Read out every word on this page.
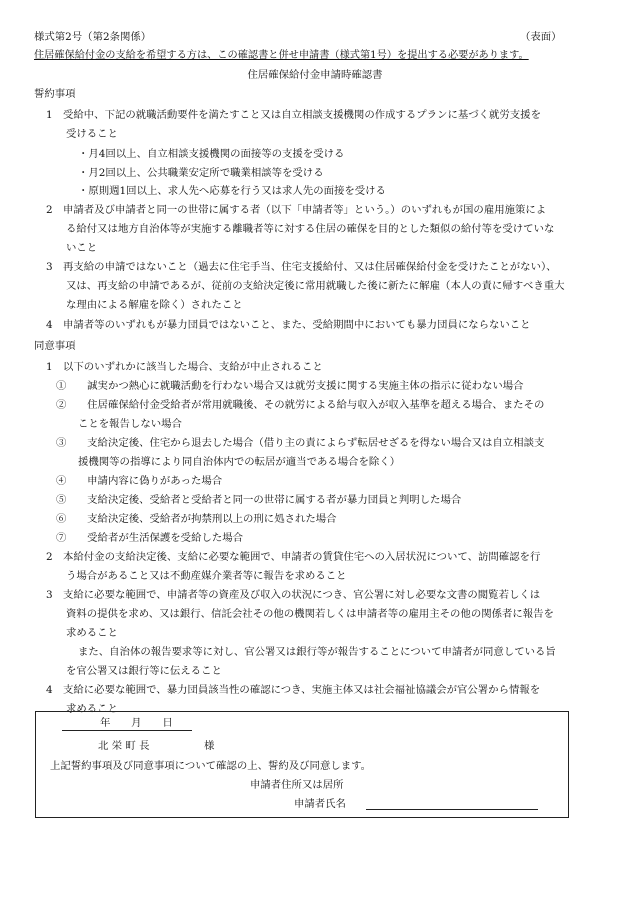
様式第2号（第2条関係）	（表面）
住居確保給付金の支給を希望する方は、この確認書と併せ申請書（様式第1号）を提出する必要があります。
住居確保給付金申請時確認書
誓約事項
1　受給中、下記の就職活動要件を満たすこと又は自立相談支援機関の作成するプランに基づく就労支援を
受けること
・月4回以上、自立相談支援機関の面接等の支援を受ける
・月2回以上、公共職業安定所で職業相談等を受ける
・原則週1回以上、求人先へ応募を行う又は求人先の面接を受ける
2　申請者及び申請者と同一の世帯に属する者（以下「申請者等」という。）のいずれもが国の雇用施策によ
る給付又は地方自治体等が実施する離職者等に対する住居の確保を目的とした類似の給付等を受けていな
いこと
3　再支給の申請ではないこと（過去に住宅手当、住宅支援給付、又は住居確保給付金を受けたことがない）、
又は、再支給の申請であるが、従前の支給決定後に常用就職した後に新たに解雇（本人の責に帰すべき重大
な理由による解雇を除く）されたこと
4　申請者等のいずれもが暴力団員ではないこと、また、受給期間中においても暴力団員にならないこと
同意事項
1　以下のいずれかに該当した場合、支給が中止されること
①　　誠実かつ熱心に就職活動を行わない場合又は就労支援に関する実施主体の指示に従わない場合
②　　住居確保給付金受給者が常用就職後、その就労による給与収入が収入基準を超える場合、またその
ことを報告しない場合
③　　支給決定後、住宅から退去した場合（借り主の責によらず転居せざるを得ない場合又は自立相談支
援機関等の指導により同自治体内での転居が適当である場合を除く）
④　　申請内容に偽りがあった場合
⑤　　支給決定後、受給者と受給者と同一の世帯に属する者が暴力団員と判明した場合
⑥　　支給決定後、受給者が拘禁刑以上の刑に処された場合
⑦　　受給者が生活保護を受給した場合
2　本給付金の支給決定後、支給に必要な範囲で、申請者の賃貸住宅への入居状況について、訪問確認を行
う場合があること又は不動産媒介業者等に報告を求めること
3　支給に必要な範囲で、申請者等の資産及び収入の状況につき、官公署に対し必要な文書の閲覧若しくは
資料の提供を求め、又は銀行、信託会社その他の機関若しくは申請者等の雇用主その他の関係者に報告を
求めること
また、自治体の報告要求等に対し、官公署又は銀行等が報告することについて申請者が同意している旨
を官公署又は銀行等に伝えること
4　支給に必要な範囲で、暴力団員該当性の確認につき、実施主体又は社会福祉協議会が官公署から情報を
求めること
年　　月　　日
北 栄 町 長	様
上記誓約事項及び同意事項について確認の上、誓約及び同意します。
申請者住所又は居所
申請者氏名
